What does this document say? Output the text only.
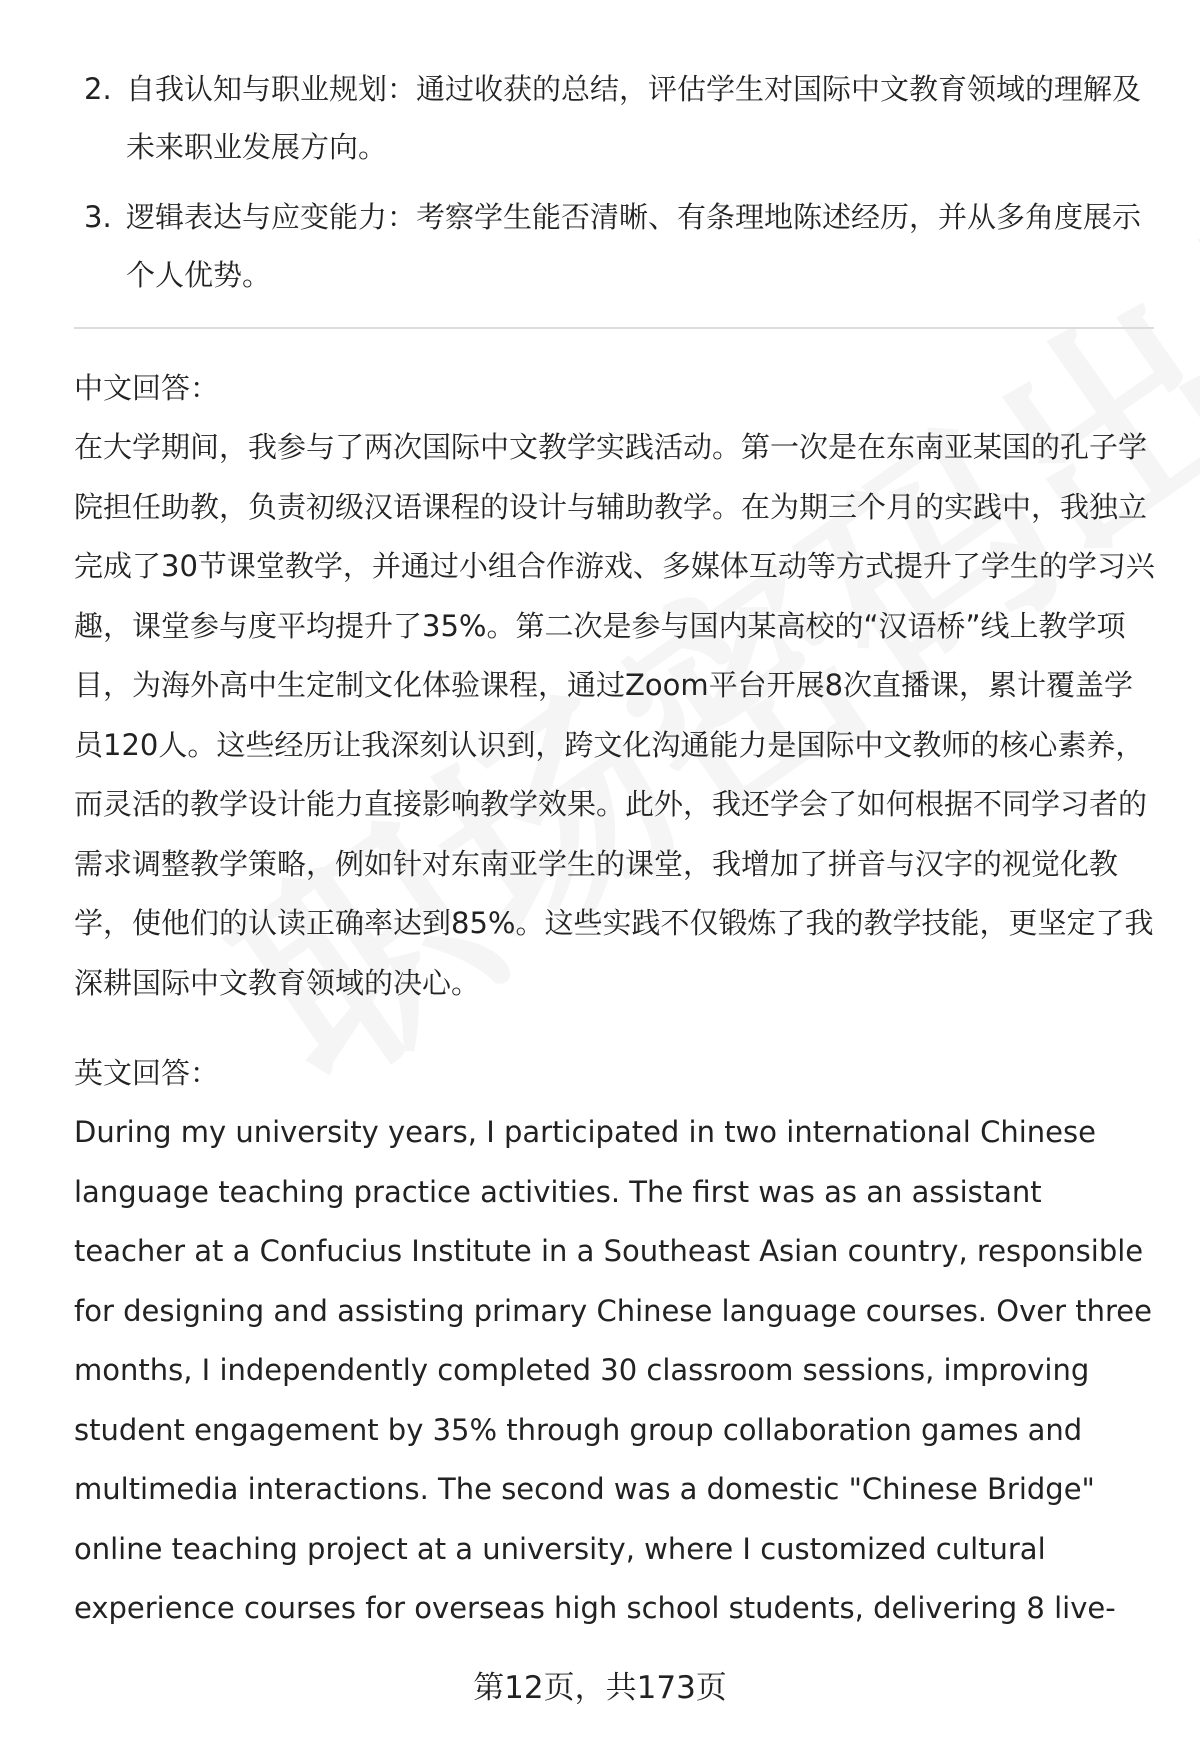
2. 自我认知与职业规划：通过收获的总结，评估学生对国际中文教育领域的理解及未来职业发展方向。
3. 逻辑表达与应变能力：考察学生能否清晰、有条理地陈述经历，并从多角度展示个人优势。
中文回答：
在大学期间，我参与了两次国际中文教学实践活动。第一次是在东南亚某国的孔子学院担任助教，负责初级汉语课程的设计与辅助教学。在为期三个月的实践中，我独立完成了30节课堂教学，并通过小组合作游戏、多媒体互动等方式提升了学生的学习兴趣，课堂参与度平均提升了35%。第二次是参与国内某高校的“汉语桥”线上教学项目，为海外高中生定制文化体验课程，通过Zoom平台开展8次直播课，累计覆盖学员120人。这些经历让我深刻认识到，跨文化沟通能力是国际中文教师的核心素养，而灵活的教学设计能力直接影响教学效果。此外，我还学会了如何根据不同学习者的需求调整教学策略，例如针对东南亚学生的课堂，我增加了拼音与汉字的视觉化教学，使他们的认读正确率达到85%。这些实践不仅锻炼了我的教学技能，更坚定了我深耕国际中文教育领域的决心。
英文回答：
During my university years, I participated in two international Chinese language teaching practice activities. The first was as an assistant teacher at a Confucius Institute in a Southeast Asian country, responsible for designing and assisting primary Chinese language courses. Over three months, I independently completed 30 classroom sessions, improving student engagement by 35% through group collaboration games and multimedia interactions. The second was a domestic "Chinese Bridge" online teaching project at a university, where I customized cultural experience courses for overseas high school students, delivering 8 live-
第12页，共173页
